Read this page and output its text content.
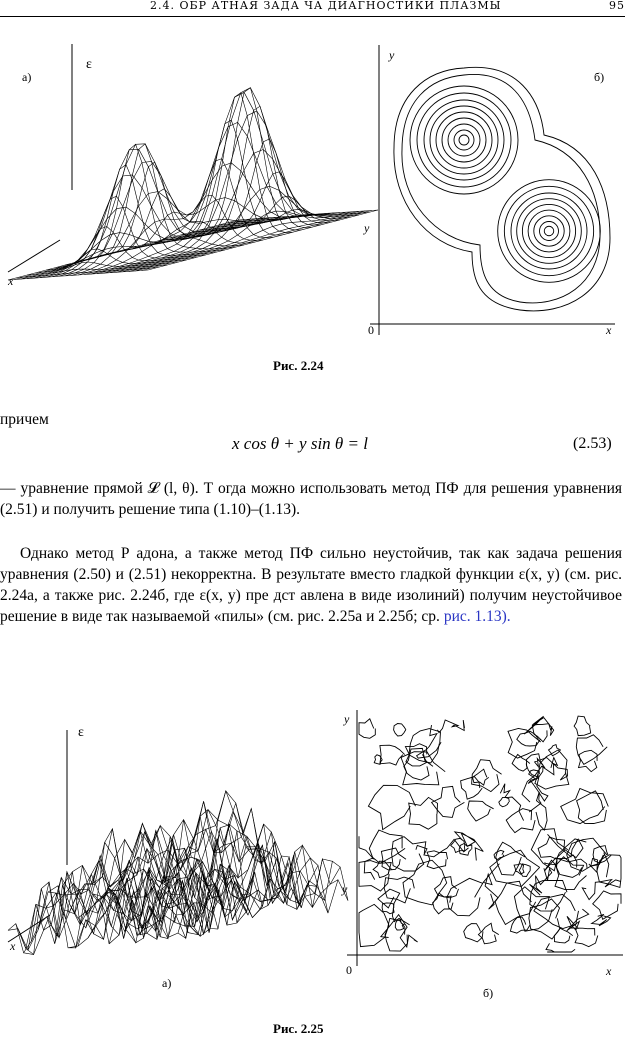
2.4. ОБР АТНАЯ ЗАДА ЧА ДИАГНОСТИКИ ПЛАЗМЫ	95
а)
ε
x
y
y
б)
0	x
Рис. 2.24
причем
x cos θ + y sin θ = l	(2.53)
— уравнение прямой 𝓛 (l, θ). Т огда можно использовать метод ПФ для решения уравнения (2.51) и получить решение типа (1.10)–(1.13).
Однако метод Р адона, а также метод ПФ сильно неустойчив, так как задача решения уравнения (2.50) и (2.51) некорректна. В результате вместо гладкой функции ε(x, y) (см. рис. 2.24а, а также рис. 2.24б, где ε(x, y) пре дст авлена в виде изолиний) получим неустойчивое решение в виде так называемой «пилы» (см. рис. 2.25а и 2.25б; ср. рис. 1.13).
ε
x
y
а)
y
0	x
б)
Рис. 2.25
